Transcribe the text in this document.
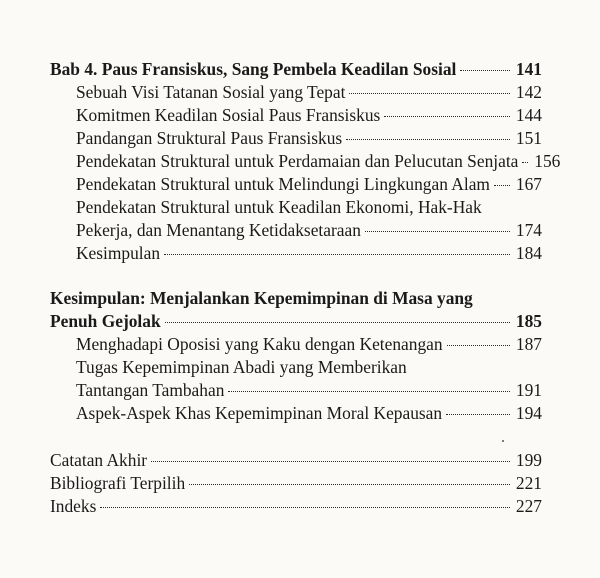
Bab 4. Paus Fransiskus, Sang Pembela Keadilan Sosial	141
Sebuah Visi Tatanan Sosial yang Tepat	142
Komitmen Keadilan Sosial Paus Fransiskus	144
Pandangan Struktural Paus Fransiskus	151
Pendekatan Struktural untuk Perdamaian dan Pelucutan Senjata 156
Pendekatan Struktural untuk Melindungi Lingkungan Alam 167
Pendekatan Struktural untuk Keadilan Ekonomi, Hak-Hak
Pekerja, dan Menantang Ketidaksetaraan	174
Kesimpulan	184
Kesimpulan: Menjalankan Kepemimpinan di Masa yang
Penuh Gejolak	185
Menghadapi Oposisi yang Kaku dengan Ketenangan	187
Tugas Kepemimpinan Abadi yang Memberikan
Tantangan Tambahan	191
Aspek-Aspek Khas Kepemimpinan Moral Kepausan	194
Catatan Akhir	199
Bibliografi Terpilih	221
Indeks	227
